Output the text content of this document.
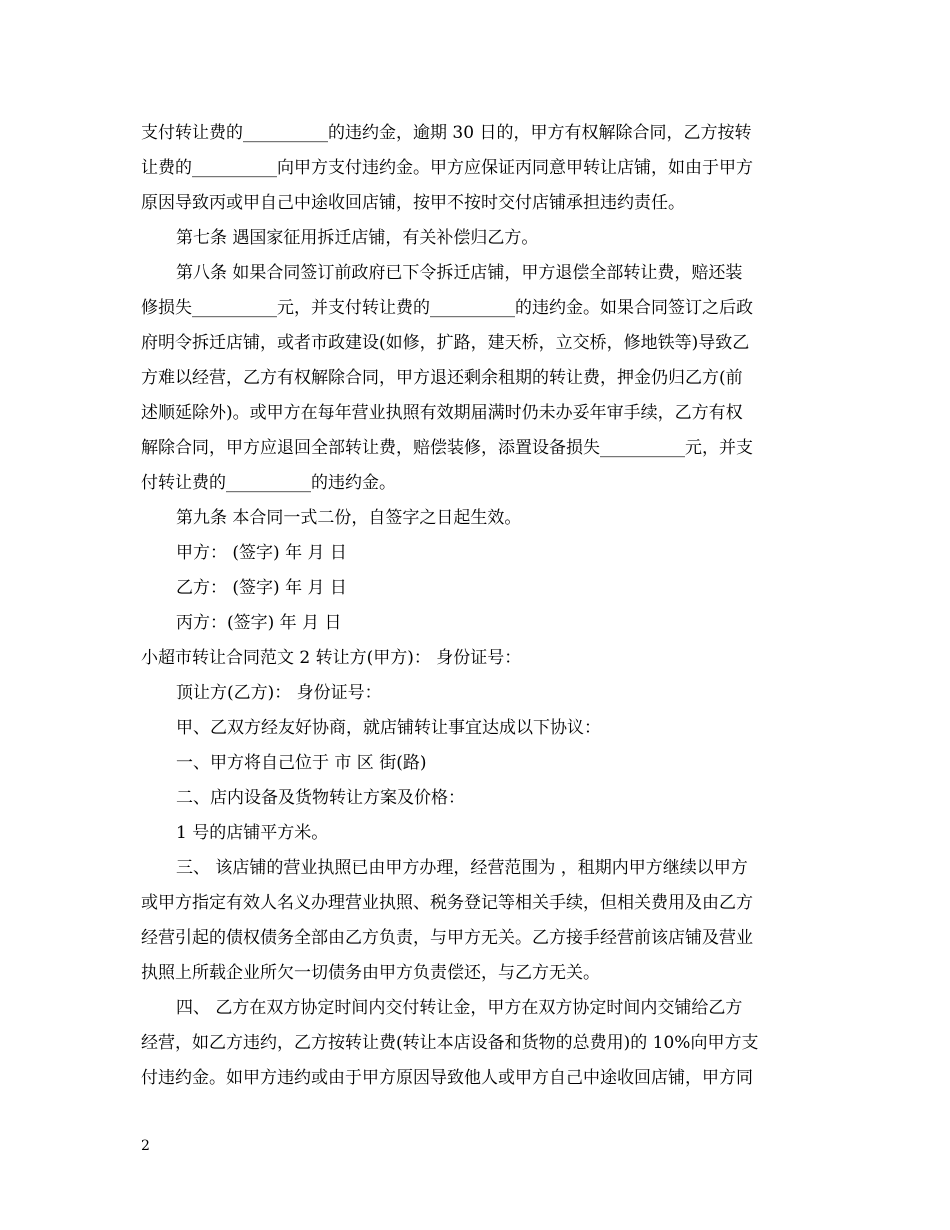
支付转让费的__________的违约金，逾期 30 日的，甲方有权解除合同，乙方按转
让费的__________向甲方支付违约金。甲方应保证丙同意甲转让店铺，如由于甲方
原因导致丙或甲自己中途收回店铺，按甲不按时交付店铺承担违约责任。
第七条 遇国家征用拆迁店铺，有关补偿归乙方。
第八条 如果合同签订前政府已下令拆迁店铺，甲方退偿全部转让费，赔还装
修损失__________元，并支付转让费的__________的违约金。如果合同签订之后政
府明令拆迁店铺，或者市政建设(如修，扩路，建天桥，立交桥，修地铁等)导致乙
方难以经营，乙方有权解除合同，甲方退还剩余租期的转让费，押金仍归乙方(前
述顺延除外)。或甲方在每年营业执照有效期届满时仍未办妥年审手续，乙方有权
解除合同，甲方应退回全部转让费，赔偿装修，添置设备损失__________元，并支
付转让费的__________的违约金。
第九条 本合同一式二份，自签字之日起生效。
甲方： (签字) 年 月 日
乙方： (签字) 年 月 日
丙方：(签字) 年 月 日
小超市转让合同范文 2 转让方(甲方)： 身份证号：
顶让方(乙方)： 身份证号：
甲、乙双方经友好协商，就店铺转让事宜达成以下协议：
一、甲方将自己位于 市 区 街(路)
二、店内设备及货物转让方案及价格：
1 号的店铺平方米。
三、 该店铺的营业执照已由甲方办理，经营范围为 ，租期内甲方继续以甲方
或甲方指定有效人名义办理营业执照、税务登记等相关手续，但相关费用及由乙方
经营引起的债权债务全部由乙方负责，与甲方无关。乙方接手经营前该店铺及营业
执照上所载企业所欠一切债务由甲方负责偿还，与乙方无关。
四、 乙方在双方协定时间内交付转让金，甲方在双方协定时间内交铺给乙方
经营，如乙方违约，乙方按转让费(转让本店设备和货物的总费用)的 10%向甲方支
付违约金。如甲方违约或由于甲方原因导致他人或甲方自己中途收回店铺，甲方同
2
